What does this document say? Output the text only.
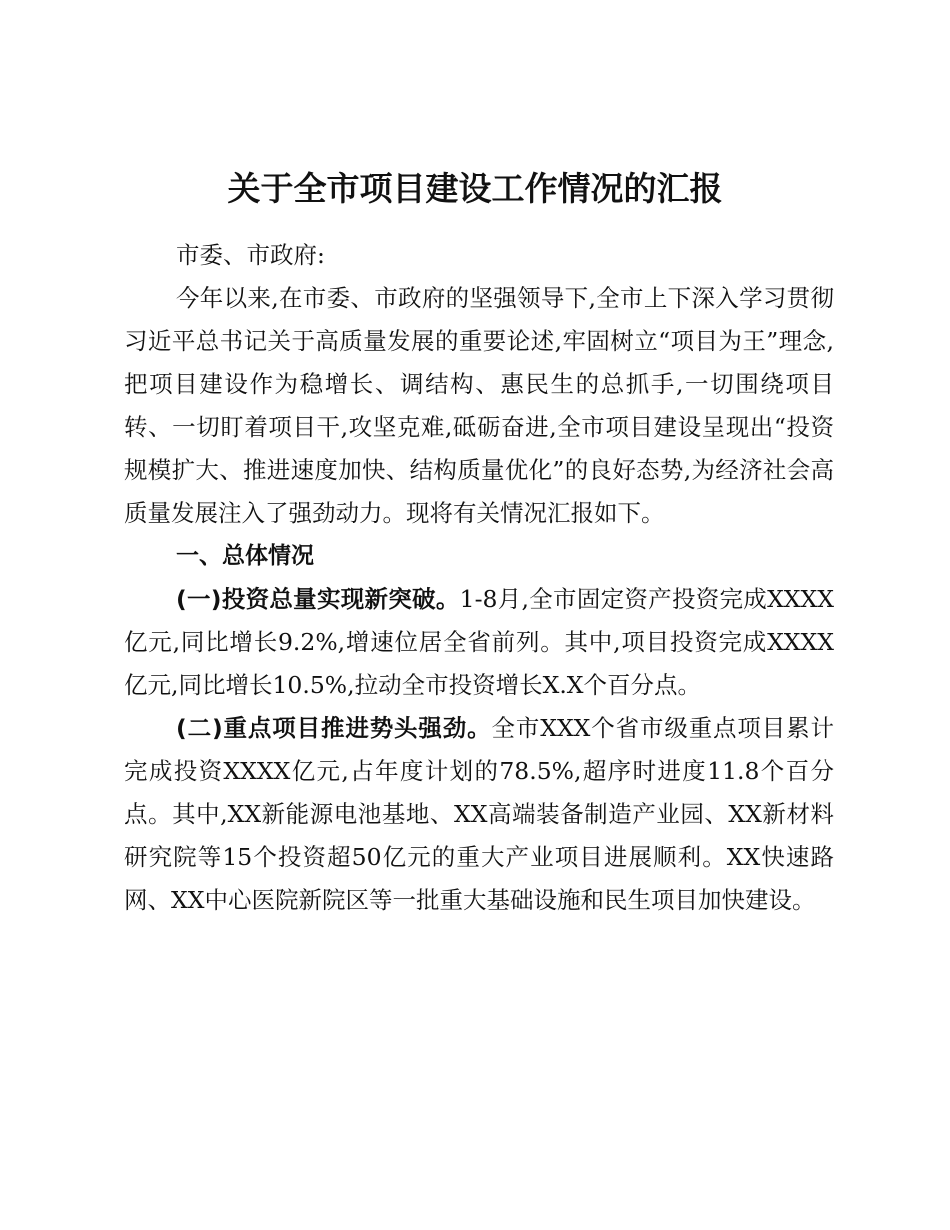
关于全市项目建设工作情况的汇报

市委、市政府:

今年以来,在市委、市政府的坚强领导下,全市上下深入学习贯彻习近平总书记关于高质量发展的重要论述,牢固树立“项目为王”理念,把项目建设作为稳增长、调结构、惠民生的总抓手,一切围绕项目转、一切盯着项目干,攻坚克难,砥砺奋进,全市项目建设呈现出“投资规模扩大、推进速度加快、结构质量优化”的良好态势,为经济社会高质量发展注入了强劲动力。现将有关情况汇报如下。

一、总体情况

(一)投资总量实现新突破。1-8月,全市固定资产投资完成XXXX亿元,同比增长9.2%,增速位居全省前列。其中,项目投资完成XXXX亿元,同比增长10.5%,拉动全市投资增长X.X个百分点。

(二)重点项目推进势头强劲。全市XXX个省市级重点项目累计完成投资XXXX亿元,占年度计划的78.5%,超序时进度11.8个百分点。其中,XX新能源电池基地、XX高端装备制造产业园、XX新材料研究院等15个投资超50亿元的重大产业项目进展顺利。XX快速路网、XX中心医院新院区等一批重大基础设施和民生项目加快建设。
